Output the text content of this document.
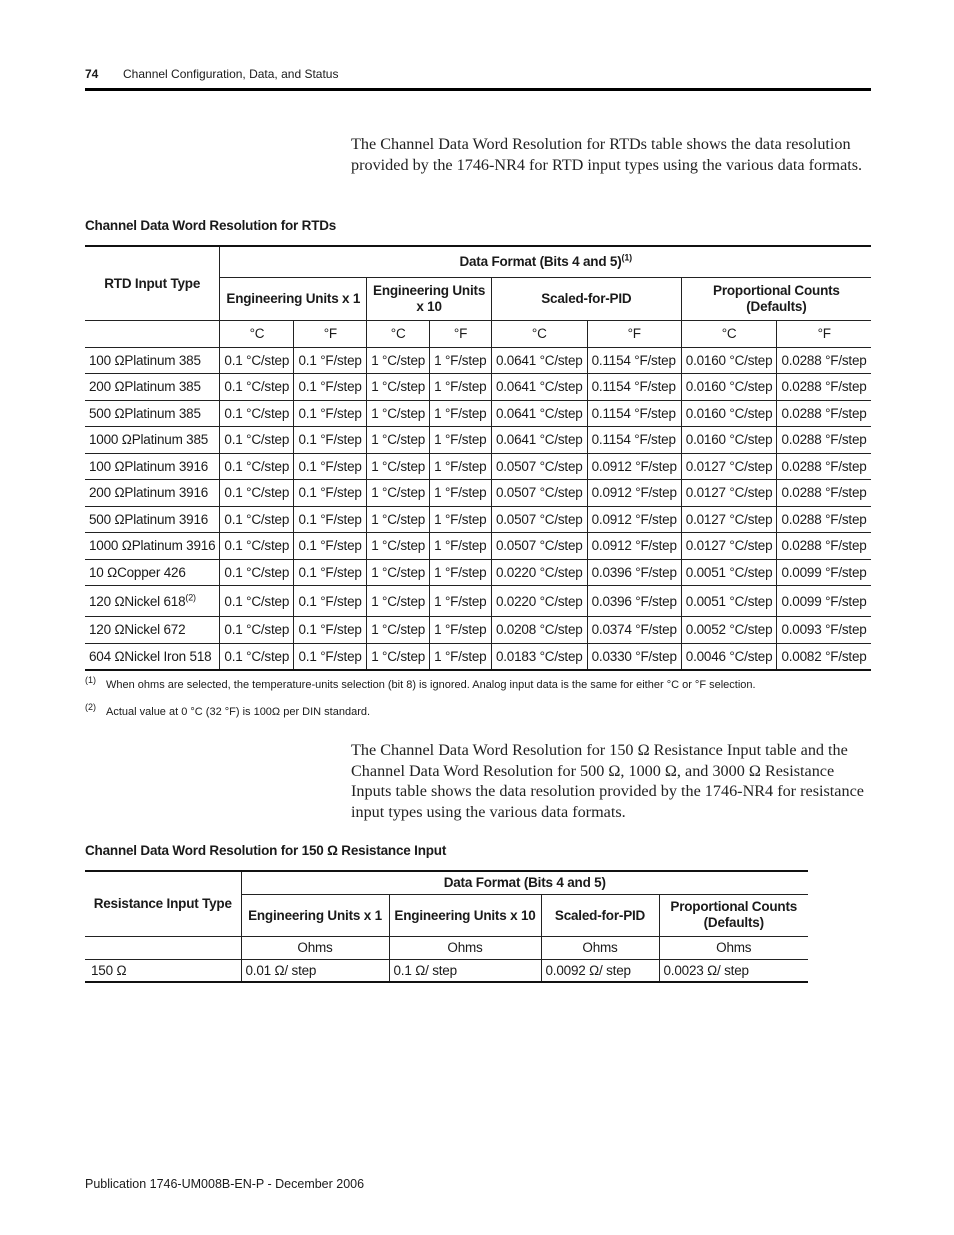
74 Channel Configuration, Data, and Status
The Channel Data Word Resolution for RTDs table shows the data resolution provided by the 1746-NR4 for RTD input types using the various data formats.
Channel Data Word Resolution for RTDs
RTD Input Type	Data Format (Bits 4 and 5)$^{(1)}$
	Engineering Units x 1		Engineering Units x 10		Scaled-for-PID		Proportional Counts (Defaults)	
	°C	°F	°C	°F	°C	°F	°C	°F
100 ΩPlatinum 385	0.1 °C/step	0.1 °F/step	1 °C/step	1 °F/step	0.0641 °C/step	0.1154 °F/step	0.0160 °C/step	0.0288 °F/step
200 ΩPlatinum 385	0.1 °C/step	0.1 °F/step	1 °C/step	1 °F/step	0.0641 °C/step	0.1154 °F/step	0.0160 °C/step	0.0288 °F/step
500 ΩPlatinum 385	0.1 °C/step	0.1 °F/step	1 °C/step	1 °F/step	0.0641 °C/step	0.1154 °F/step	0.0160 °C/step	0.0288 °F/step
1000 ΩPlatinum 385	0.1 °C/step	0.1 °F/step	1 °C/step	1 °F/step	0.0641 °C/step	0.1154 °F/step	0.0160 °C/step	0.0288 °F/step
100 ΩPlatinum 3916	0.1 °C/step	0.1 °F/step	1 °C/step	1 °F/step	0.0507 °C/step	0.0912 °F/step	0.0127 °C/step	0.0288 °F/step
200 ΩPlatinum 3916	0.1 °C/step	0.1 °F/step	1 °C/step	1 °F/step	0.0507 °C/step	0.0912 °F/step	0.0127 °C/step	0.0288 °F/step
500 ΩPlatinum 3916	0.1 °C/step	0.1 °F/step	1 °C/step	1 °F/step	0.0507 °C/step	0.0912 °F/step	0.0127 °C/step	0.0288 °F/step
1000 ΩPlatinum 3916	0.1 °C/step	0.1 °F/step	1 °C/step	1 °F/step	0.0507 °C/step	0.0912 °F/step	0.0127 °C/step	0.0288 °F/step
10 ΩCopper 426	0.1 °C/step	0.1 °F/step	1 °C/step	1 °F/step	0.0220 °C/step	0.0396 °F/step	0.0051 °C/step	0.0099 °F/step
120 ΩNickel 618$^{(2)}$	0.1 °C/step	0.1 °F/step	1 °C/step	1 °F/step	0.0220 °C/step	0.0396 °F/step	0.0051 °C/step	0.0099 °F/step
120 ΩNickel 672	0.1 °C/step	0.1 °F/step	1 °C/step	1 °F/step	0.0208 °C/step	0.0374 °F/step	0.0052 °C/step	0.0093 °F/step
604 ΩNickel Iron 518	0.1 °C/step	0.1 °F/step	1 °C/step	1 °F/step	0.0183 °C/step	0.0330 °F/step	0.0046 °C/step	0.0082 °F/step
(1) When ohms are selected, the temperature-units selection (bit 8) is ignored. Analog input data is the same for either °C or °F selection.
(2) Actual value at 0 °C (32 °F) is 100Ω per DIN standard.
The Channel Data Word Resolution for 150 Ω Resistance Input table and the Channel Data Word Resolution for 500 Ω, 1000 Ω, and 3000 Ω Resistance Inputs table shows the data resolution provided by the 1746-NR4 for resistance input types using the various data formats.
Channel Data Word Resolution for 150 Ω Resistance Input
Resistance Input Type	Data Format (Bits 4 and 5)			
	Engineering Units x 1	Engineering Units x 10	Scaled-for-PID	Proportional Counts (Defaults)
	Ohms	Ohms	Ohms	Ohms
150 Ω	0.01 Ω/ step	0.1 Ω/ step	0.0092 Ω/ step	0.0023 Ω/ step
Publication 1746-UM008B-EN-P - December 2006
